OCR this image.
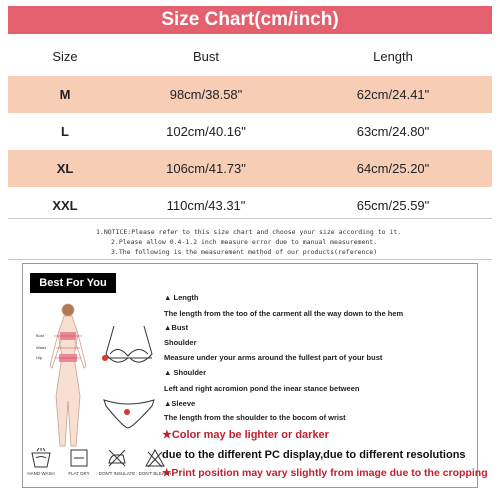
Size Chart(cm/inch)
Size	Bust	Length
M	98cm/38.58"	62cm/24.41"
L	102cm/40.16"	63cm/24.80"
XL	106cm/41.73"	64cm/25.20"
XXL	110cm/43.31"	65cm/25.59"
1.NOTICE:Please refer to this size chart and choose your size according to it.
2.Please allow 0.4-1.2 inch measure error due to manual measurement.
3.The following is the measurement method of our products(reference)
Best For You
Bust
Waist
Hip
HAND WASH	FLAT DRY DON'T INSULATE DON'T BLEACH
▲ Length
The length from the too of the carment all the way down to the hem
▲Bust
Shoulder
Measure under your arms around the fullest part of your bust
▲ Shoulder
Left and right acromion pond the inear stance between
▲Sleeve
The length from the shoulder to the bocom of wrist
★Color may be lighter or darker
due to the different PC display,due to different resolutions
★Print position may vary slightly from image due to the cropping
